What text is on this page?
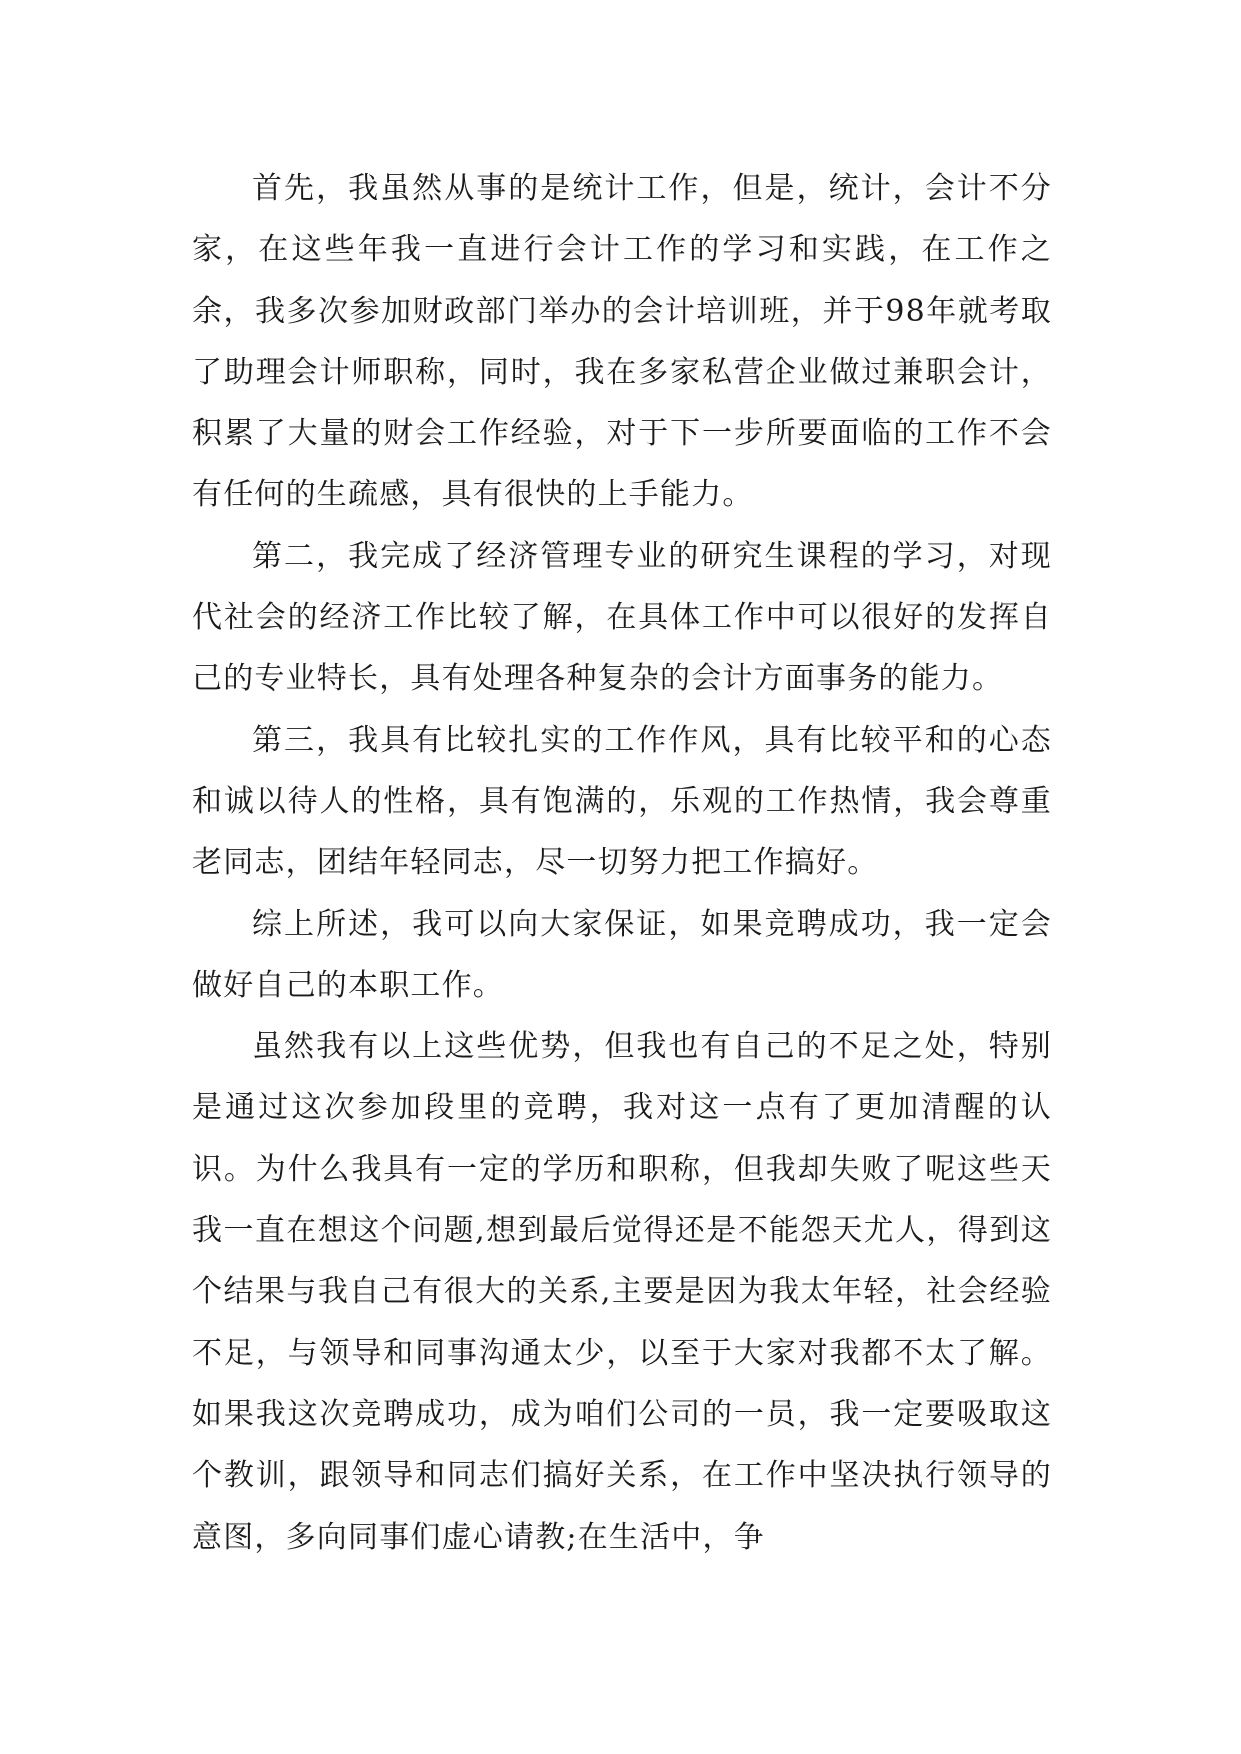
首先，我虽然从事的是统计工作，但是，统计，会计不分家，在这些年我一直进行会计工作的学习和实践，在工作之余，我多次参加财政部门举办的会计培训班，并于98年就考取了助理会计师职称，同时，我在多家私营企业做过兼职会计，积累了大量的财会工作经验，对于下一步所要面临的工作不会有任何的生疏感，具有很快的上手能力。

第二，我完成了经济管理专业的研究生课程的学习，对现代社会的经济工作比较了解，在具体工作中可以很好的发挥自己的专业特长，具有处理各种复杂的会计方面事务的能力。

第三，我具有比较扎实的工作作风，具有比较平和的心态和诚以待人的性格，具有饱满的，乐观的工作热情，我会尊重老同志，团结年轻同志，尽一切努力把工作搞好。

综上所述，我可以向大家保证，如果竞聘成功，我一定会做好自己的本职工作。

虽然我有以上这些优势，但我也有自己的不足之处，特别是通过这次参加段里的竞聘，我对这一点有了更加清醒的认识。为什么我具有一定的学历和职称，但我却失败了呢这些天我一直在想这个问题,想到最后觉得还是不能怨天尤人，得到这个结果与我自己有很大的关系,主要是因为我太年轻，社会经验不足，与领导和同事沟通太少，以至于大家对我都不太了解。如果我这次竞聘成功，成为咱们公司的一员，我一定要吸取这个教训，跟领导和同志们搞好关系，在工作中坚决执行领导的意图，多向同事们虚心请教;在生活中，争
